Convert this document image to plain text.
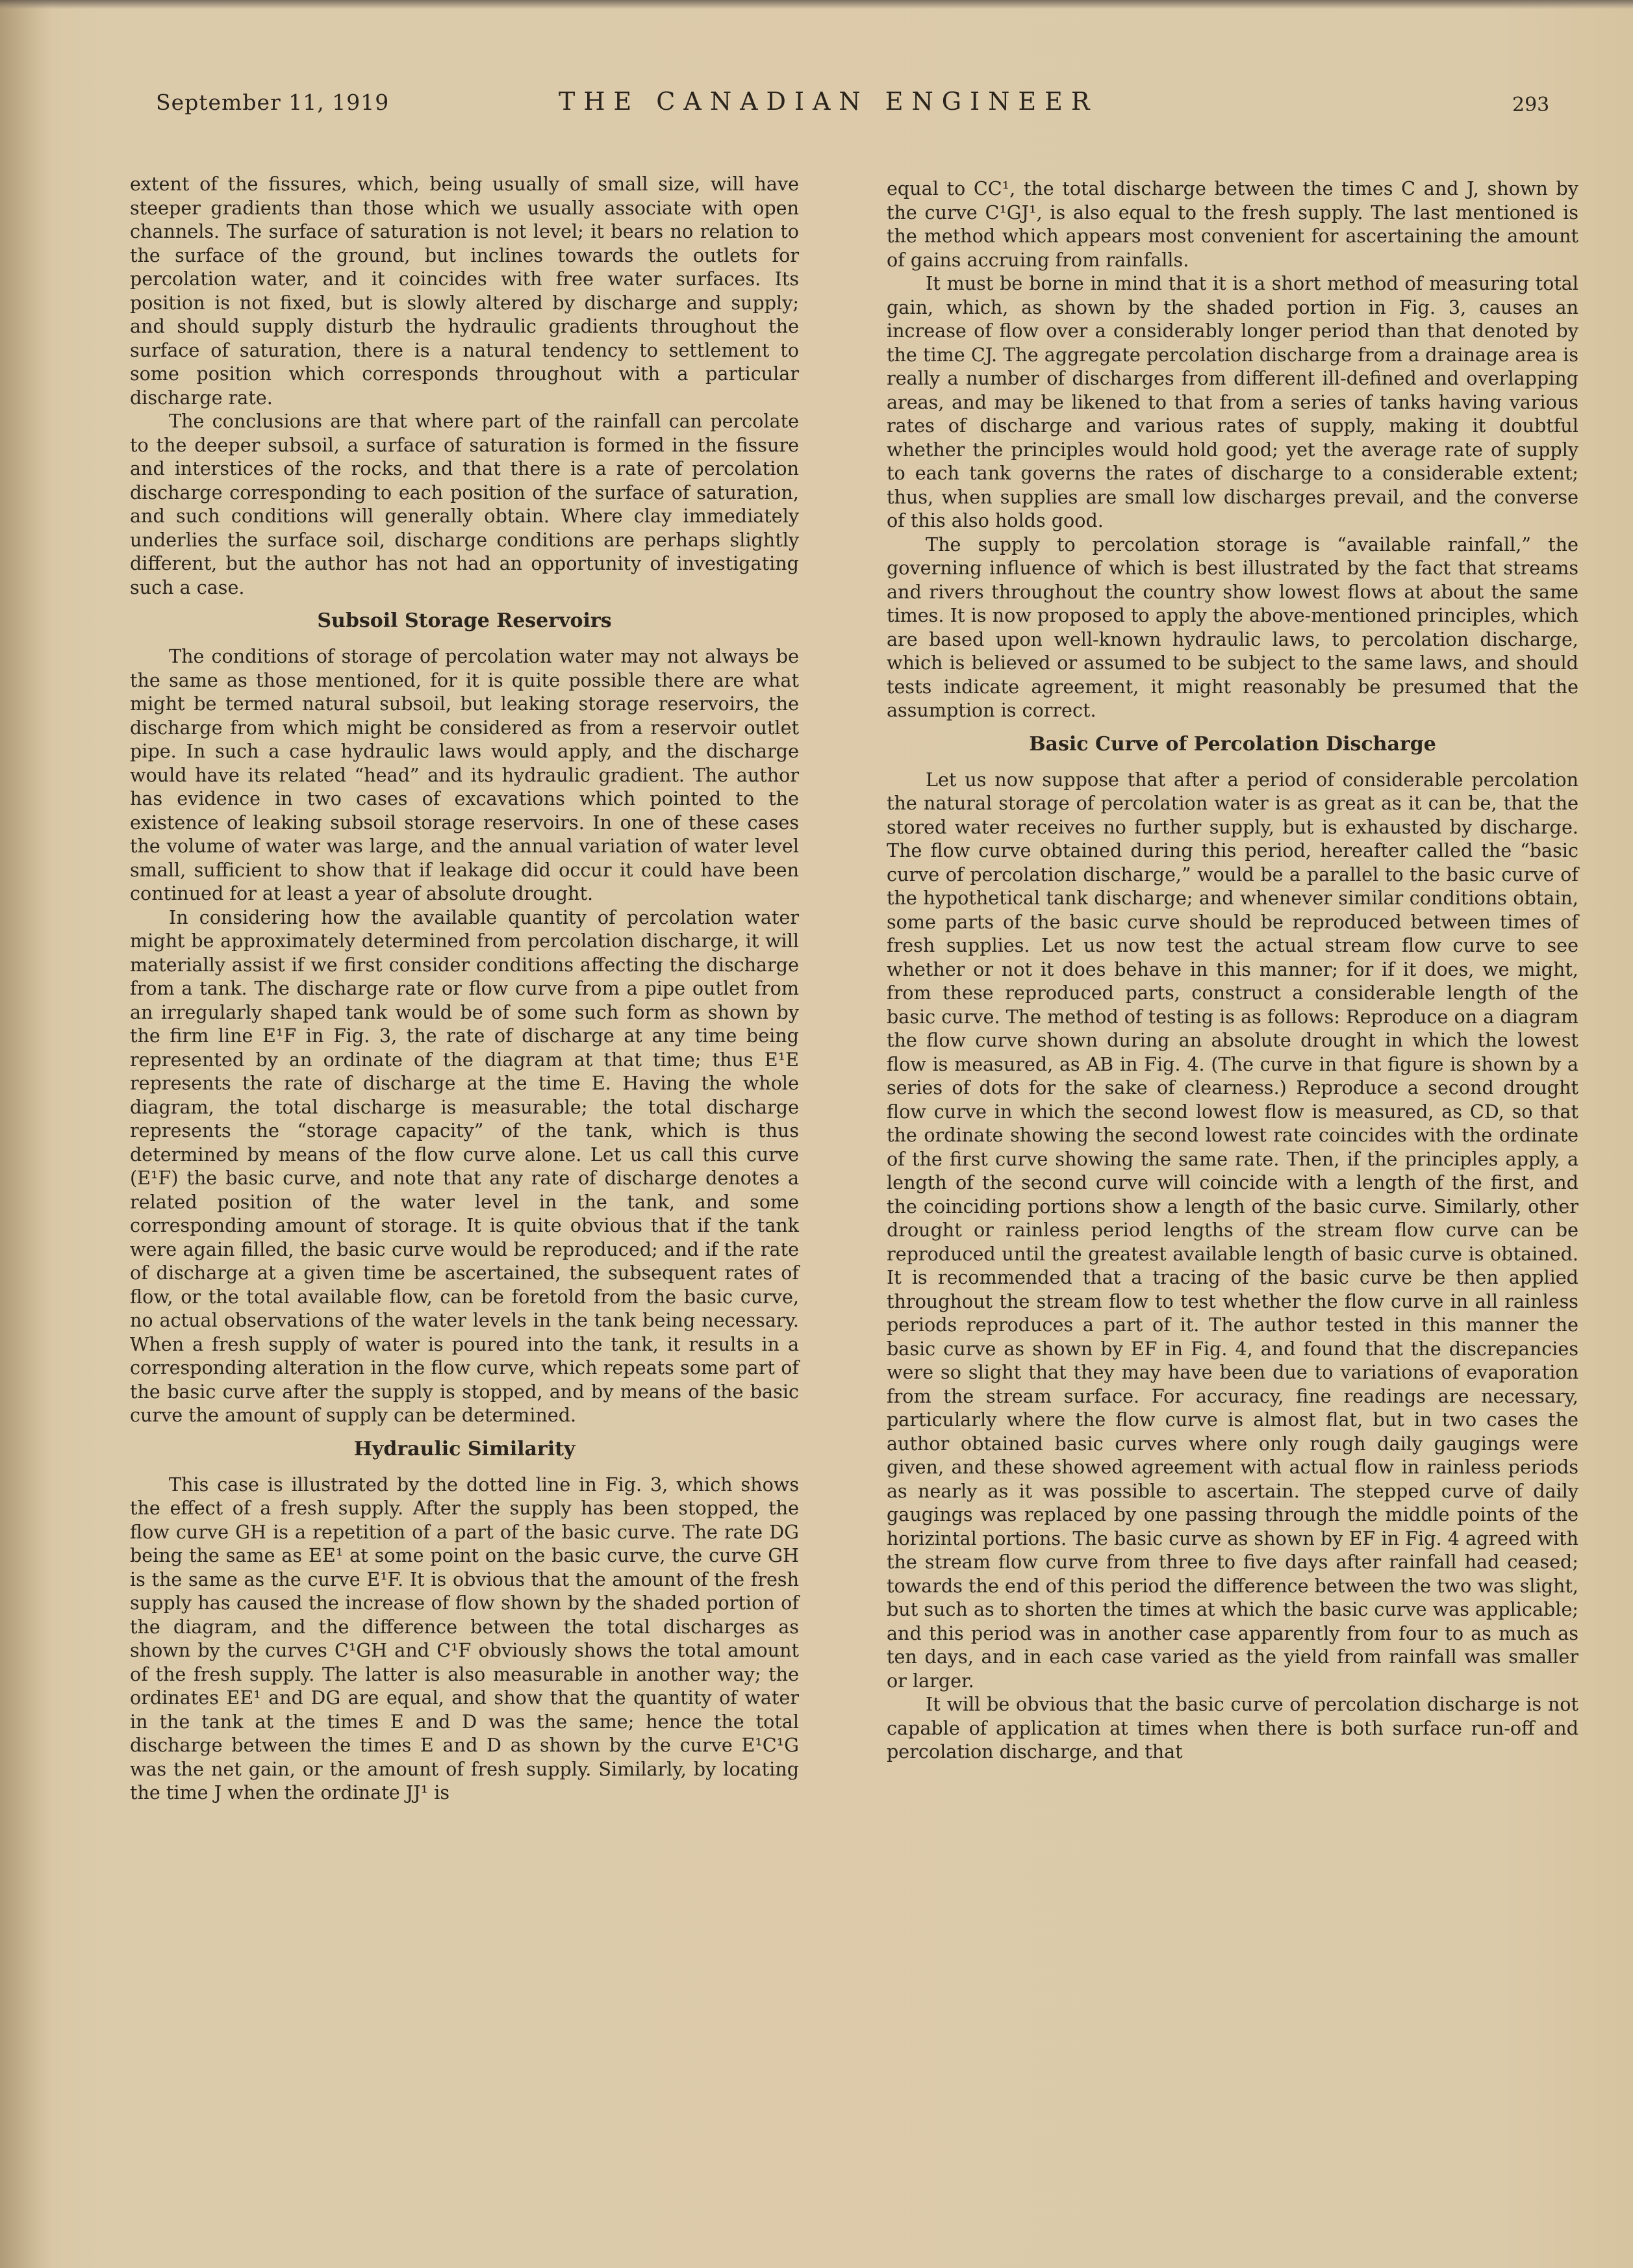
September 11, 1919	THE CANADIAN ENGINEER	293

extent of the fissures, which, being usually of small size, will have steeper gradients than those which we usually associate with open channels. The surface of saturation is not level; it bears no relation to the surface of the ground, but inclines towards the outlets for percolation water, and it coincides with free water surfaces. Its position is not fixed, but is slowly altered by discharge and supply; and should supply disturb the hydraulic gradients throughout the surface of saturation, there is a natural tendency to settlement to some position which corresponds throughout with a particular discharge rate.

The conclusions are that where part of the rainfall can percolate to the deeper subsoil, a surface of saturation is formed in the fissure and interstices of the rocks, and that there is a rate of percolation discharge corresponding to each position of the surface of saturation, and such conditions will generally obtain. Where clay immediately underlies the surface soil, discharge conditions are perhaps slightly different, but the author has not had an opportunity of investigating such a case.

Subsoil Storage Reservoirs

The conditions of storage of percolation water may not always be the same as those mentioned, for it is quite possible there are what might be termed natural subsoil, but leaking storage reservoirs, the discharge from which might be considered as from a reservoir outlet pipe. In such a case hydraulic laws would apply, and the discharge would have its related “head” and its hydraulic gradient. The author has evidence in two cases of excavations which pointed to the existence of leaking subsoil storage reservoirs. In one of these cases the volume of water was large, and the annual variation of water level small, sufficient to show that if leakage did occur it could have been continued for at least a year of absolute drought.

In considering how the available quantity of percolation water might be approximately determined from percolation discharge, it will materially assist if we first consider conditions affecting the discharge from a tank. The discharge rate or flow curve from a pipe outlet from an irregularly shaped tank would be of some such form as shown by the firm line E¹F in Fig. 3, the rate of discharge at any time being represented by an ordinate of the diagram at that time; thus E¹E represents the rate of discharge at the time E. Having the whole diagram, the total discharge is measurable; the total discharge represents the “storage capacity” of the tank, which is thus determined by means of the flow curve alone. Let us call this curve (E¹F) the basic curve, and note that any rate of discharge denotes a related position of the water level in the tank, and some corresponding amount of storage. It is quite obvious that if the tank were again filled, the basic curve would be reproduced; and if the rate of discharge at a given time be ascertained, the subsequent rates of flow, or the total available flow, can be foretold from the basic curve, no actual observations of the water levels in the tank being necessary. When a fresh supply of water is poured into the tank, it results in a corresponding alteration in the flow curve, which repeats some part of the basic curve after the supply is stopped, and by means of the basic curve the amount of supply can be determined.

Hydraulic Similarity

This case is illustrated by the dotted line in Fig. 3, which shows the effect of a fresh supply. After the supply has been stopped, the flow curve GH is a repetition of a part of the basic curve. The rate DG being the same as EE¹ at some point on the basic curve, the curve GH is the same as the curve E¹F. It is obvious that the amount of the fresh supply has caused the increase of flow shown by the shaded portion of the diagram, and the difference between the total discharges as shown by the curves C¹GH and C¹F obviously shows the total amount of the fresh supply. The latter is also measurable in another way; the ordinates EE¹ and DG are equal, and show that the quantity of water in the tank at the times E and D was the same; hence the total discharge between the times E and D as shown by the curve E¹C¹G was the net gain, or the amount of fresh supply. Similarly, by locating the time J when the ordinate JJ¹ is

equal to CC¹, the total discharge between the times C and J, shown by the curve C¹GJ¹, is also equal to the fresh supply. The last mentioned is the method which appears most convenient for ascertaining the amount of gains accruing from rainfalls.

It must be borne in mind that it is a short method of measuring total gain, which, as shown by the shaded portion in Fig. 3, causes an increase of flow over a considerably longer period than that denoted by the time CJ. The aggregate percolation discharge from a drainage area is really a number of discharges from different ill-defined and overlapping areas, and may be likened to that from a series of tanks having various rates of discharge and various rates of supply, making it doubtful whether the principles would hold good; yet the average rate of supply to each tank governs the rates of discharge to a considerable extent; thus, when supplies are small low discharges prevail, and the converse of this also holds good.

The supply to percolation storage is “available rainfall,” the governing influence of which is best illustrated by the fact that streams and rivers throughout the country show lowest flows at about the same times. It is now proposed to apply the above-mentioned principles, which are based upon well-known hydraulic laws, to percolation discharge, which is believed or assumed to be subject to the same laws, and should tests indicate agreement, it might reasonably be presumed that the assumption is correct.

Basic Curve of Percolation Discharge

Let us now suppose that after a period of considerable percolation the natural storage of percolation water is as great as it can be, that the stored water receives no further supply, but is exhausted by discharge. The flow curve obtained during this period, hereafter called the “basic curve of percolation discharge,” would be a parallel to the basic curve of the hypothetical tank discharge; and whenever similar conditions obtain, some parts of the basic curve should be reproduced between times of fresh supplies. Let us now test the actual stream flow curve to see whether or not it does behave in this manner; for if it does, we might, from these reproduced parts, construct a considerable length of the basic curve. The method of testing is as follows: Reproduce on a diagram the flow curve shown during an absolute drought in which the lowest flow is measured, as AB in Fig. 4. (The curve in that figure is shown by a series of dots for the sake of clearness.) Reproduce a second drought flow curve in which the second lowest flow is measured, as CD, so that the ordinate showing the second lowest rate coincides with the ordinate of the first curve showing the same rate. Then, if the principles apply, a length of the second curve will coincide with a length of the first, and the coinciding portions show a length of the basic curve. Similarly, other drought or rainless period lengths of the stream flow curve can be reproduced until the greatest available length of basic curve is obtained. It is recommended that a tracing of the basic curve be then applied throughout the stream flow to test whether the flow curve in all rainless periods reproduces a part of it. The author tested in this manner the basic curve as shown by EF in Fig. 4, and found that the discrepancies were so slight that they may have been due to variations of evaporation from the stream surface. For accuracy, fine readings are necessary, particularly where the flow curve is almost flat, but in two cases the author obtained basic curves where only rough daily gaugings were given, and these showed agreement with actual flow in rainless periods as nearly as it was possible to ascertain. The stepped curve of daily gaugings was replaced by one passing through the middle points of the horizintal portions. The basic curve as shown by EF in Fig. 4 agreed with the stream flow curve from three to five days after rainfall had ceased; towards the end of this period the difference between the two was slight, but such as to shorten the times at which the basic curve was applicable; and this period was in another case apparently from four to as much as ten days, and in each case varied as the yield from rainfall was smaller or larger.

It will be obvious that the basic curve of percolation discharge is not capable of application at times when there is both surface run-off and percolation discharge, and that
